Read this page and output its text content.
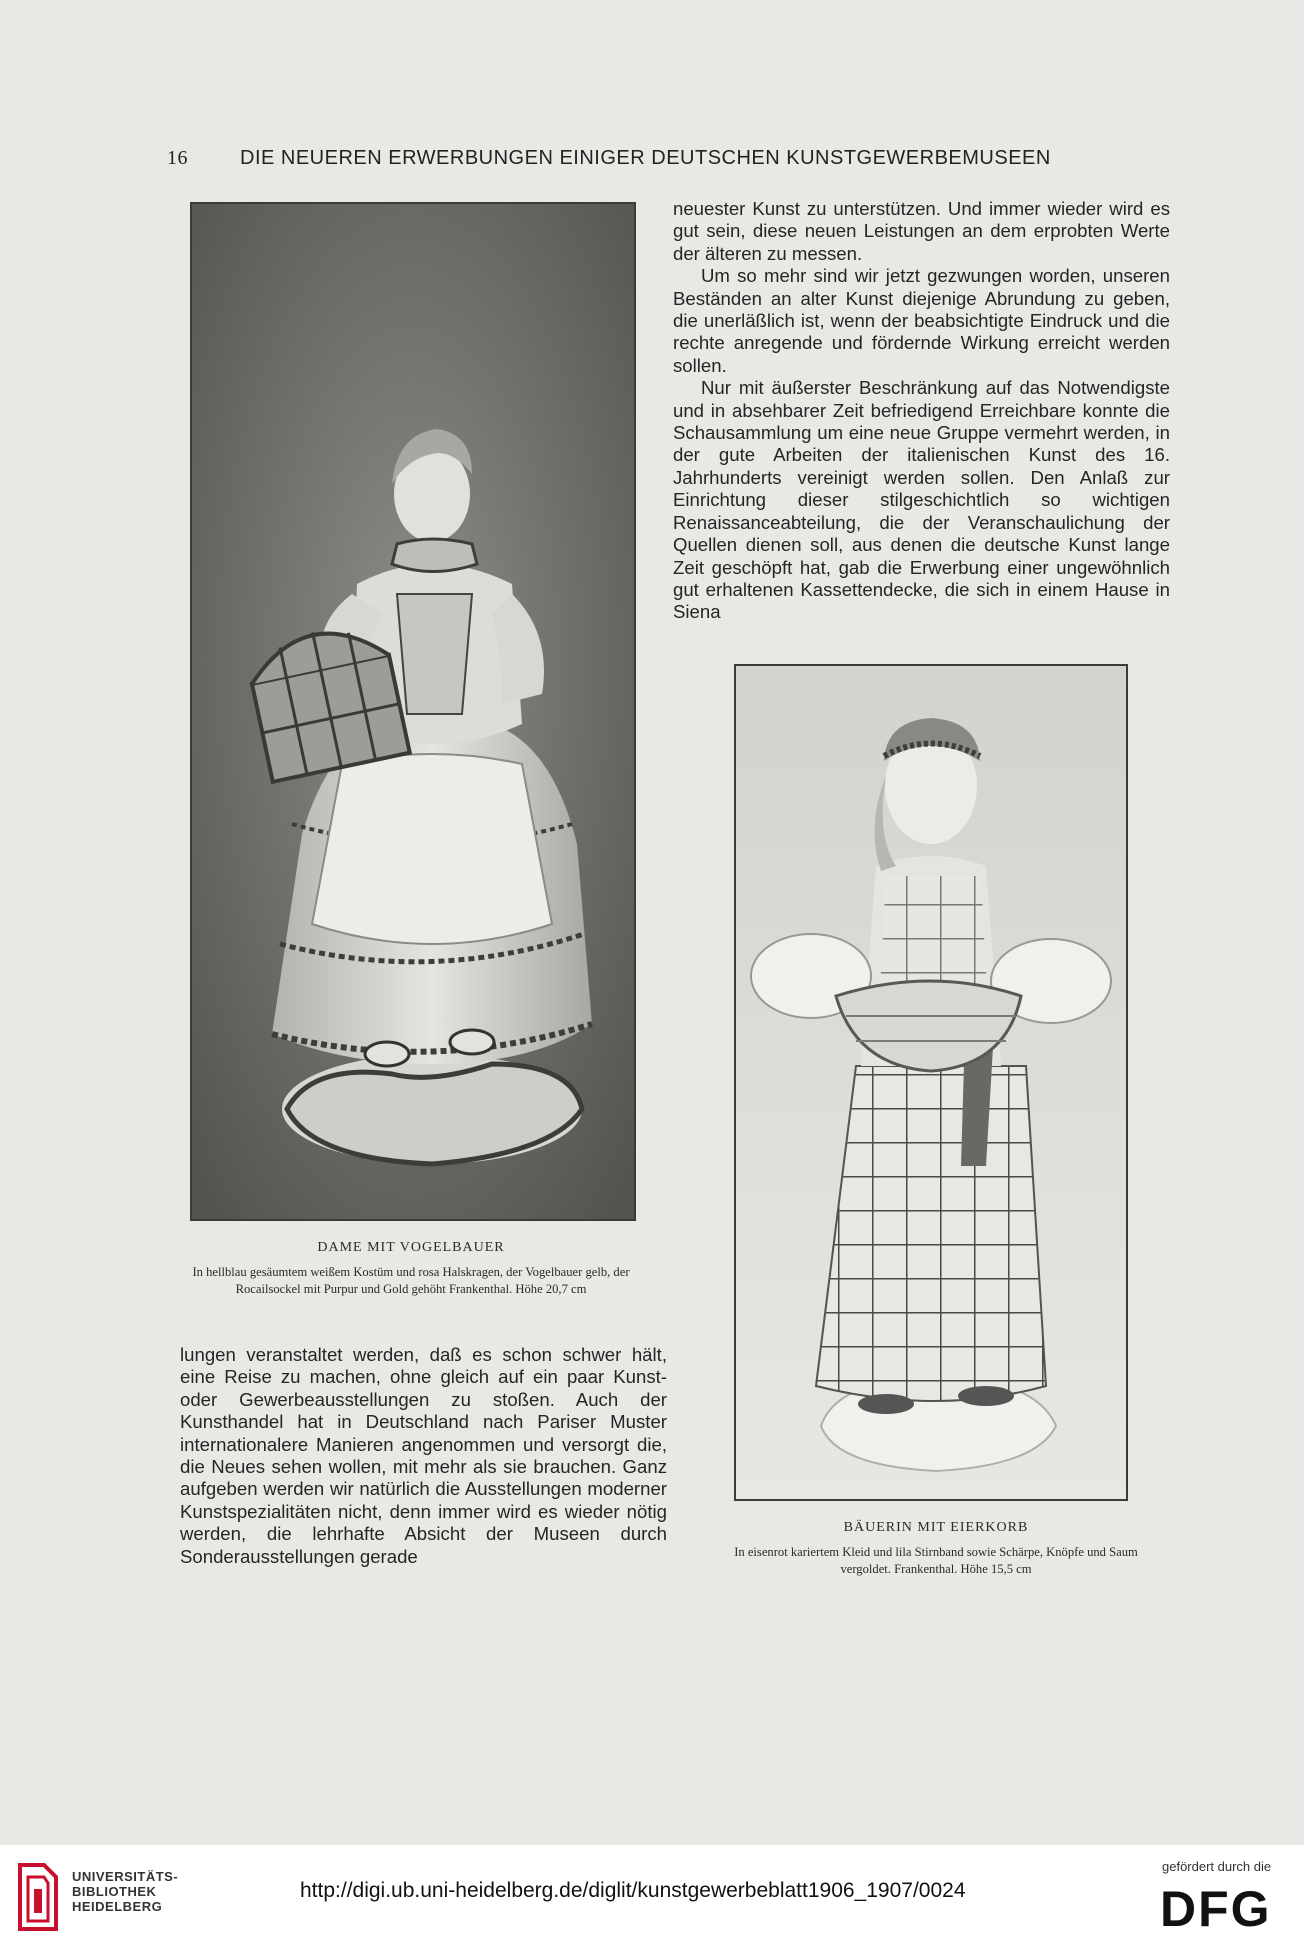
16	DIE NEUEREN ERWERBUNGEN EINIGER DEUTSCHEN KUNSTGEWERBEMUSEEN

neuester Kunst zu unterstützen. Und immer wieder wird es gut sein, diese neuen Leistungen an dem erprobten Werte der älteren zu messen.

Um so mehr sind wir jetzt gezwungen worden, unseren Beständen an alter Kunst diejenige Abrundung zu geben, die unerläßlich ist, wenn der beabsichtigte Eindruck und die rechte anregende und fördernde Wirkung erreicht werden sollen.

Nur mit äußerster Beschränkung auf das Notwendigste und in absehbarer Zeit befriedigend Erreichbare konnte die Schausammlung um eine neue Gruppe vermehrt werden, in der gute Arbeiten der italienischen Kunst des 16. Jahrhunderts vereinigt werden sollen. Den Anlaß zur Einrichtung dieser stilgeschichtlich so wichtigen Renaissanceabteilung, die der Veranschaulichung der Quellen dienen soll, aus denen die deutsche Kunst lange Zeit geschöpft hat, gab die Erwerbung einer ungewöhnlich gut erhaltenen Kassettendecke, die sich in einem Hause in Siena

DAME MIT VOGELBAUER
In hellblau gesäumtem weißem Kostüm und rosa Halskragen, der Vogelbauer gelb, der Rocailsockel mit Purpur und Gold gehöht Frankenthal. Höhe 20,7 cm
BÄUERIN MIT EIERKORB
In eisenrot kariertem Kleid und lila Stirnband sowie Schärpe, Knöpfe und Saum vergoldet. Frankenthal. Höhe 15,5 cm

lungen veranstaltet werden, daß es schon schwer hält, eine Reise zu machen, ohne gleich auf ein paar Kunst- oder Gewerbeausstellungen zu stoßen. Auch der Kunsthandel hat in Deutschland nach Pariser Muster internationalere Manieren angenommen und versorgt die, die Neues sehen wollen, mit mehr als sie brauchen. Ganz aufgeben werden wir natürlich die Ausstellungen moderner Kunstspezialitäten nicht, denn immer wird es wieder nötig werden, die lehrhafte Absicht der Museen durch Sonderausstellungen gerade

UNIVERSITÄTS-
BIBLIOTHEK
HEIDELBERG
http://digi.ub.uni-heidelberg.de/diglit/kunstgewerbeblatt1906_1907/0024
gefördert durch die
DFG
